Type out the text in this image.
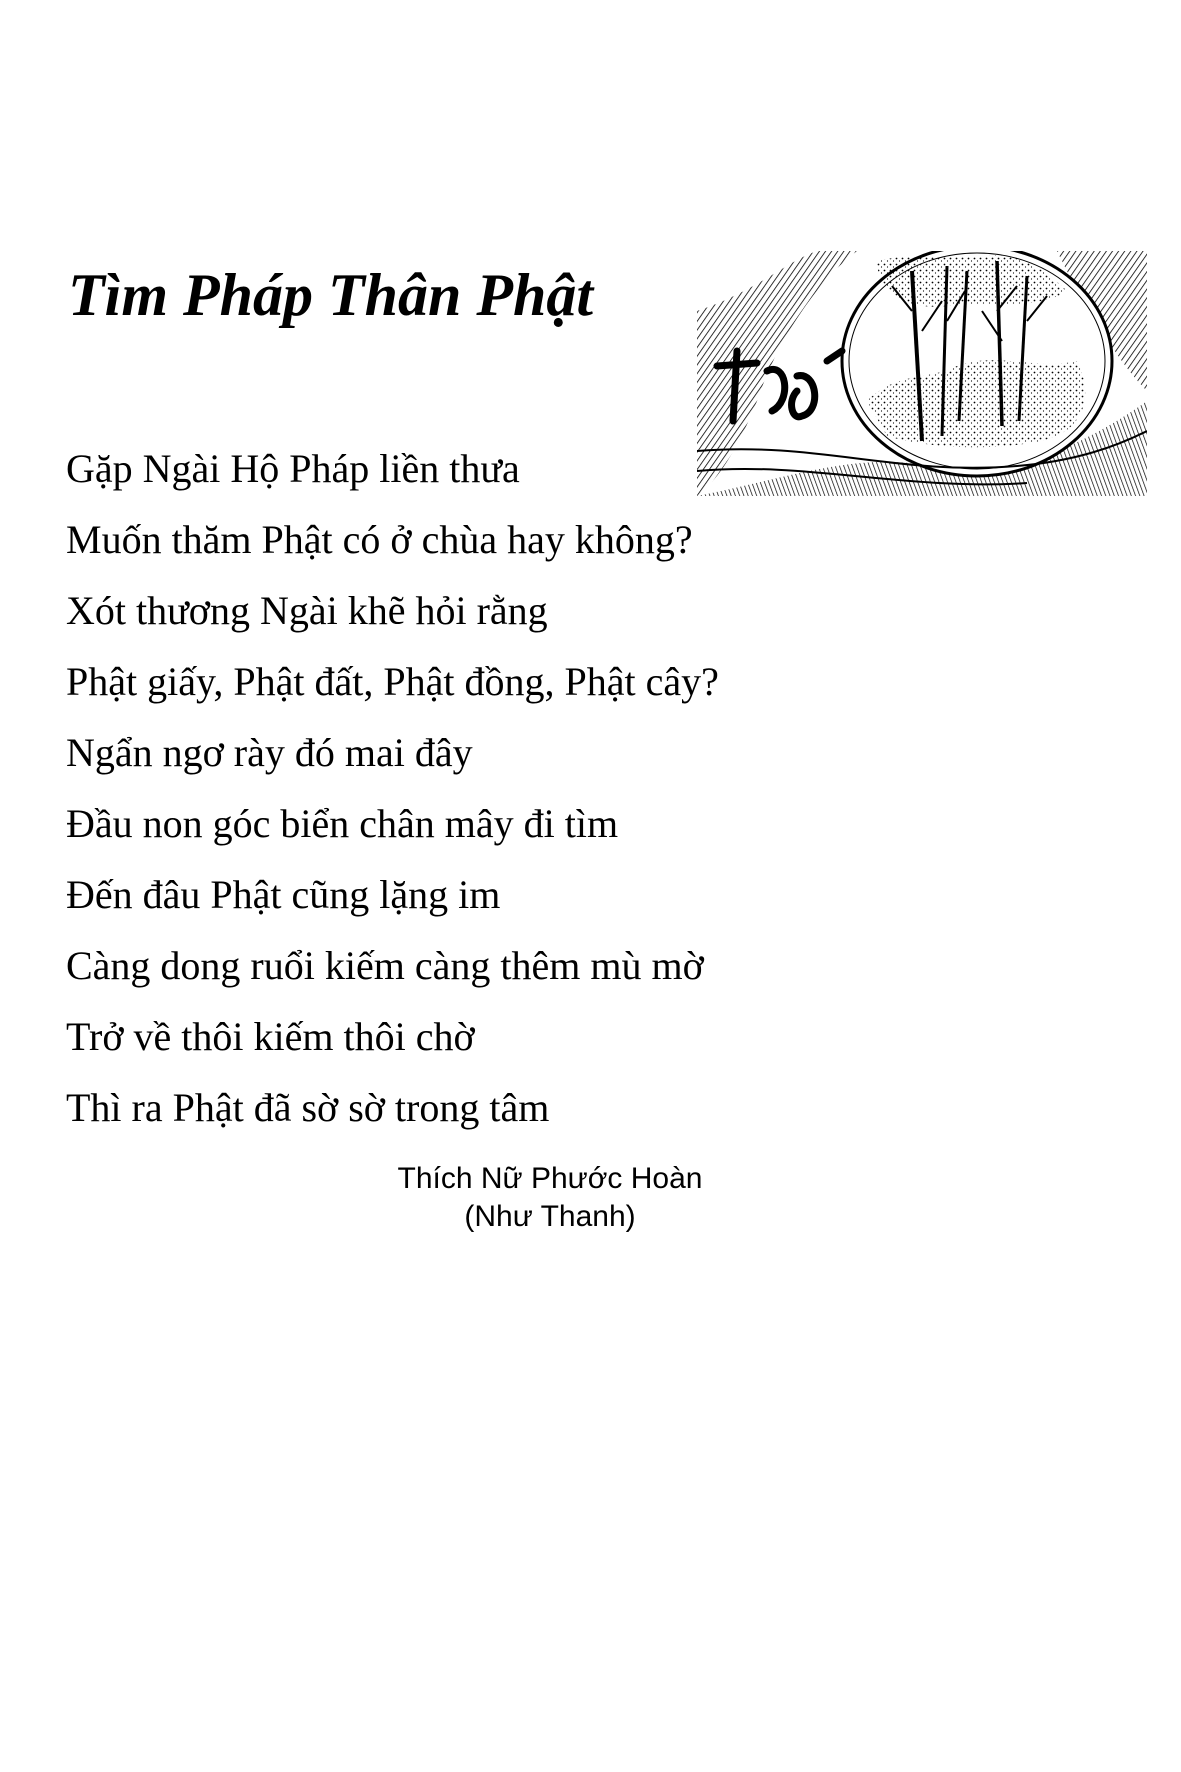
Tìm Pháp Thân Phật
Gặp Ngài Hộ Pháp liền thưa
Muốn thăm Phật có ở chùa hay không?
Xót thương Ngài khẽ hỏi rằng
Phật giấy, Phật đất, Phật đồng, Phật cây?
Ngẩn ngơ rày đó mai đây
Đầu non góc biển chân mây đi tìm
Đến đâu Phật cũng lặng im
Càng dong ruổi kiếm càng thêm mù mờ
Trở về thôi kiếm thôi chờ
Thì ra Phật đã sờ sờ trong tâm
Thích Nữ Phước Hoàn
(Như Thanh)
